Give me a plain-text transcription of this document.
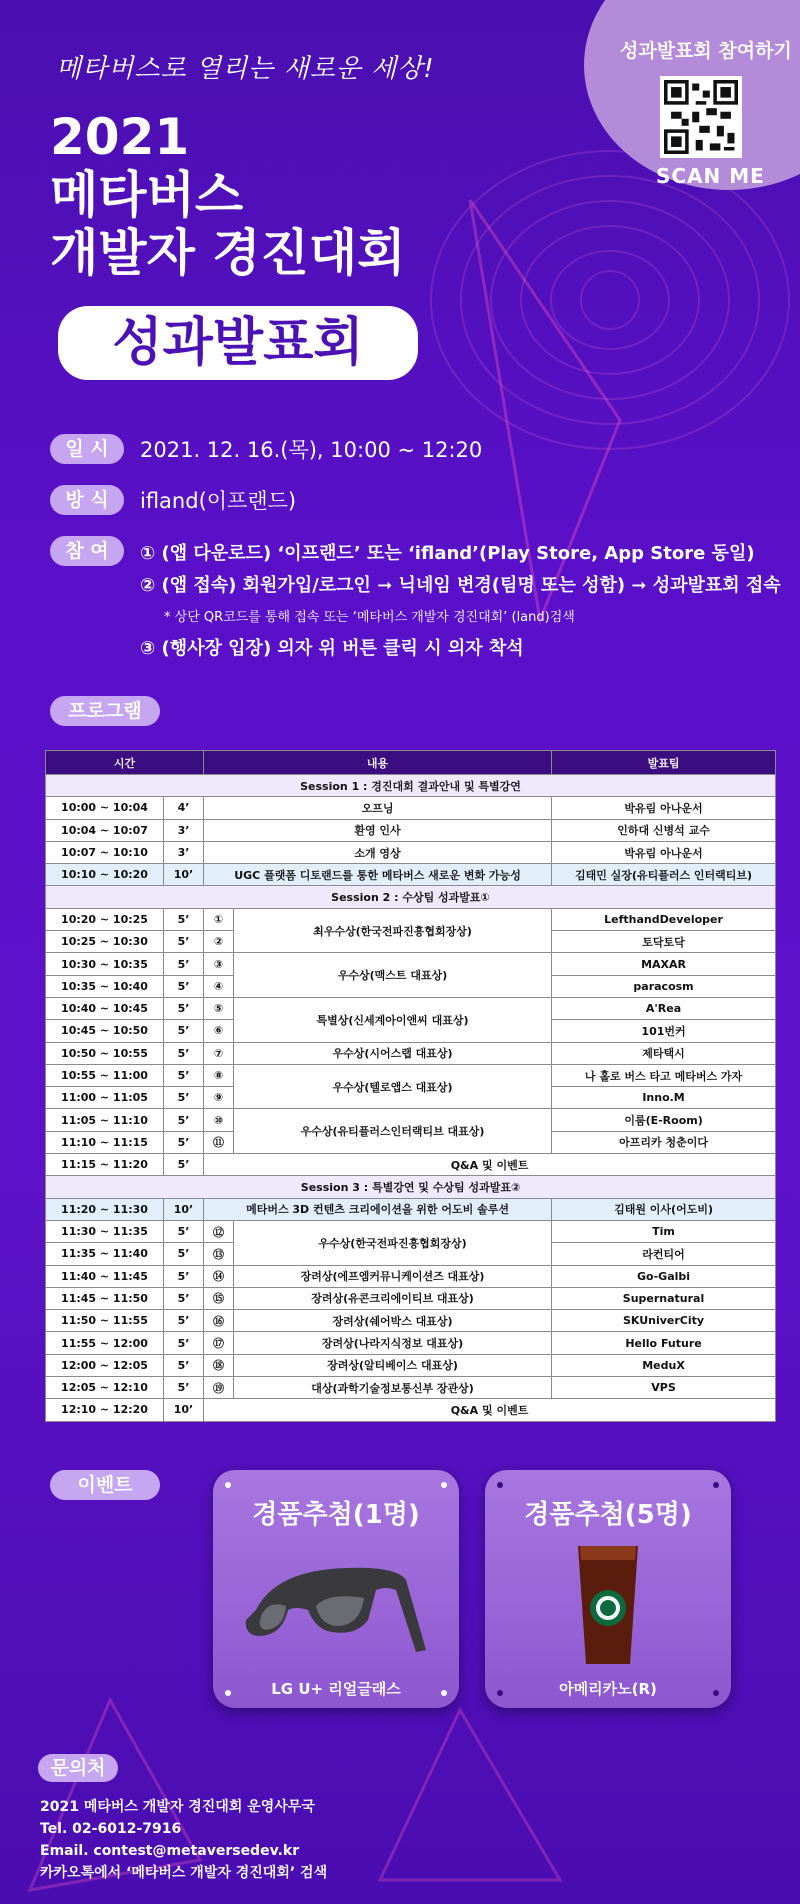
성과발표회 참여하기
SCAN ME
메타버스로 열리는 새로운 세상!
2021
메타버스
개발자 경진대회
성과발표회
일 시 2021. 12. 16.(목), 10:00 ~ 12:20
방 식 ifland(이프랜드)
참 여	① (앱 다운로드) ‘이프랜드’ 또는 ‘ifland’(Play Store, App Store 동일)
② (앱 접속) 회원가입/로그인 ➞ 닉네임 변경(팀명 또는 성함) ➞ 성과발표회 접속
* 상단 QR코드를 통해 접속 또는 ‘메타버스 개발자 경진대회’ (land)검색
③ (행사장 입장) 의자 위 버튼 클릭 시 의자 착석
프로그램
시간		내용		발표팀
Session 1 : 경진대회 결과안내 및 특별강연				
10:00 ~ 10:04	4’	오프닝		박유림 아나운서
10:04 ~ 10:07	3’	환영 인사		인하대 신병석 교수
10:07 ~ 10:10	3’	소개 영상		박유림 아나운서
10:10 ~ 10:20	10’	UGC 플랫폼 디토랜드를 통한 메타버스 새로운 변화 가능성		김태민 실장(유티플러스 인터랙티브)
Session 2 : 수상팀 성과발표①				
10:20 ~ 10:25	5’	①	최우수상(한국전파진흥협회장상)	LefthandDeveloper
10:25 ~ 10:30	5’	②		토닥토닥
10:30 ~ 10:35	5’	③	우수상(맥스트 대표상)	MAXAR
10:35 ~ 10:40	5’	④		paracosm
10:40 ~ 10:45	5’	⑤	특별상(신세계아이앤씨 대표상)	A'Rea
10:45 ~ 10:50	5’	⑥		101번커
10:50 ~ 10:55	5’	⑦	우수상(시어스랩 대표상)	제타택시
10:55 ~ 11:00	5’	⑧	우수상(텔로앱스 대표상)	나 홀로 버스 타고 메타버스 가자
11:00 ~ 11:05	5’	⑨		Inno.M
11:05 ~ 11:10	5’	⑩	우수상(유티플러스인터랙티브 대표상)	이룸(E-Room)
11:10 ~ 11:15	5’	⑪		아프리카 청춘이다
11:15 ~ 11:20	5’	Q&A 및 이벤트		
Session 3 : 특별강연 및 수상팀 성과발표②				
11:20 ~ 11:30	10’	메타버스 3D 컨텐츠 크리에이션을 위한 어도비 솔루션		김태원 이사(어도비)
11:30 ~ 11:35	5’	⑫	우수상(한국전파진흥협회장상)	Tim
11:35 ~ 11:40	5’	⑬		라컨티어
11:40 ~ 11:45	5’	⑭	장려상(에프엠커뮤니케이션즈 대표상)	Go-Galbi
11:45 ~ 11:50	5’	⑮	장려상(유콘크리에이티브 대표상)	Supernatural
11:50 ~ 11:55	5’	⑯	장려상(쉐어박스 대표상)	SKUniverCity
11:55 ~ 12:00	5’	⑰	장려상(나라지식정보 대표상)	Hello Future
12:00 ~ 12:05	5’	⑱	장려상(알티베이스 대표상)	MeduX
12:05 ~ 12:10	5’	⑲	대상(과학기술정보통신부 장관상)	VPS
12:10 ~ 12:20	10’	Q&A 및 이벤트		
이벤트
경품추첨(1명)
LG U+ 리얼글래스
경품추첨(5명)
아메리카노(R)
문의처
2021 메타버스 개발자 경진대회 운영사무국
Tel. 02-6012-7916
Email. contest@metaversedev.kr
카카오톡에서 ‘메타버스 개발자 경진대회’ 검색
